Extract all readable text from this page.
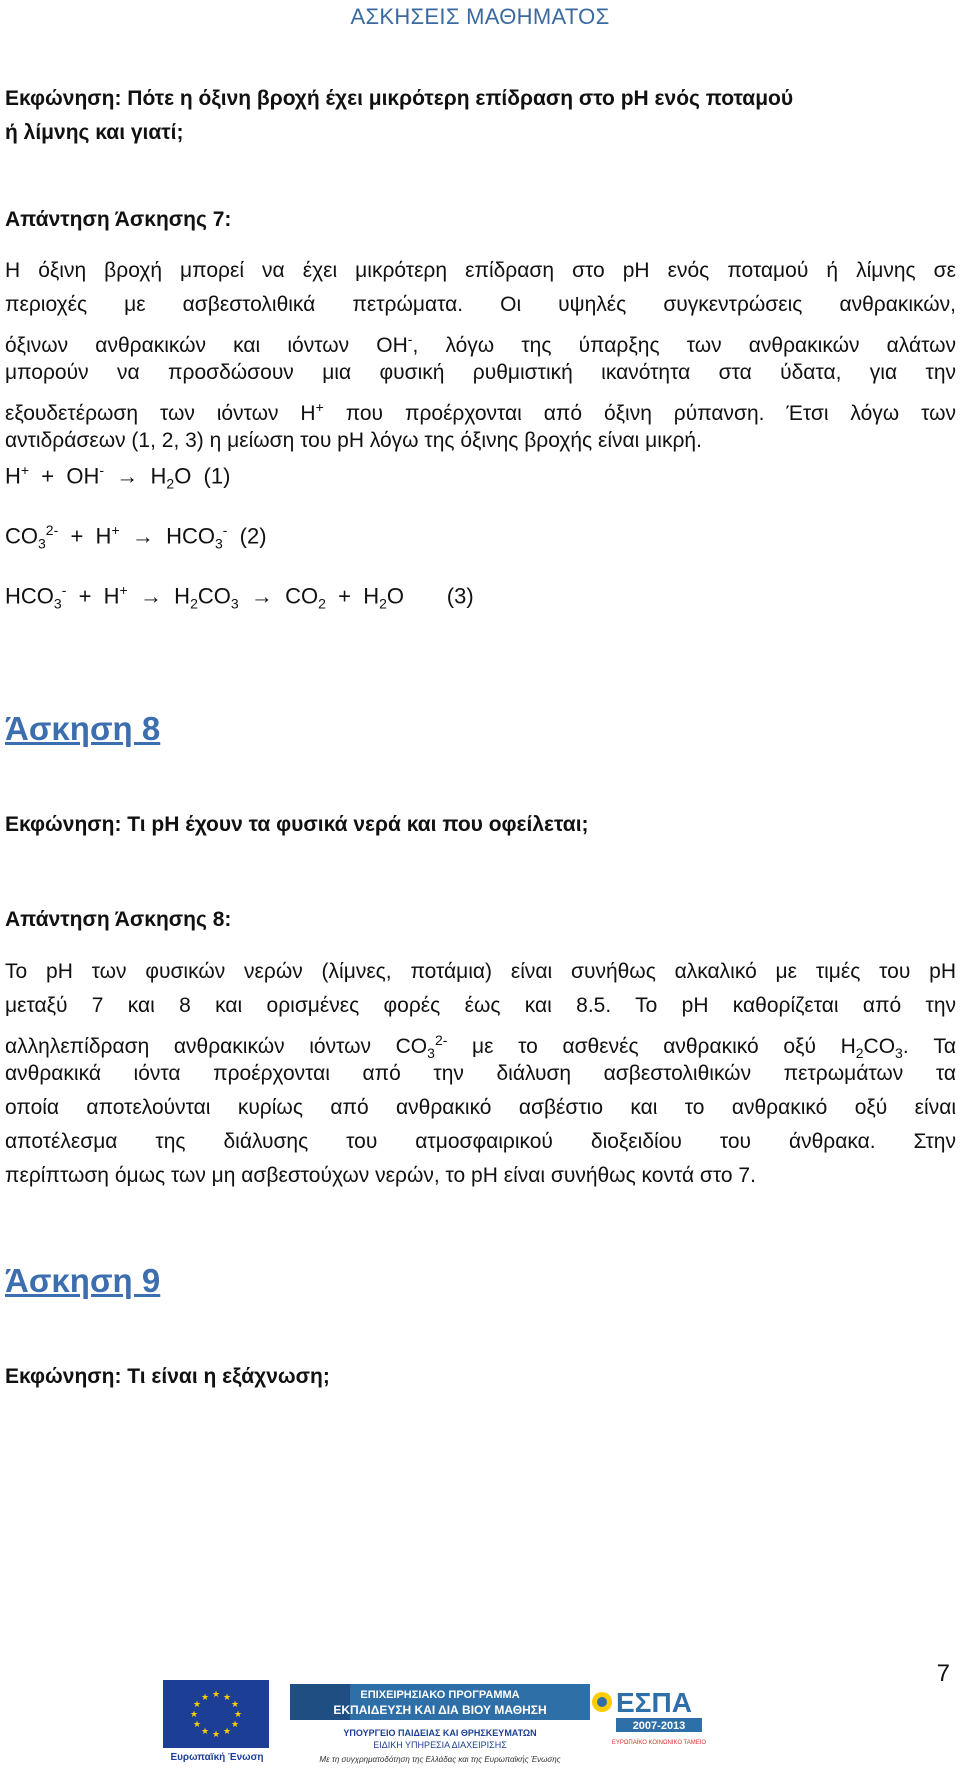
ΑΣΚΗΣΕΙΣ ΜΑΘΗΜΑΤΟΣ
Εκφώνηση: Πότε η όξινη βροχή έχει μικρότερη επίδραση στο pH ενός ποταμού
ή λίμνης και γιατί;
Απάντηση Άσκησης 7:
Η όξινη βροχή μπορεί να έχει μικρότερη επίδραση στο pH ενός ποταμού ή λίμνης σε
περιοχές με ασβεστολιθικά πετρώματα. Οι υψηλές συγκεντρώσεις ανθρακικών,
όξινων ανθρακικών και ιόντων OH-, λόγω της ύπαρξης των ανθρακικών αλάτων
μπορούν να προσδώσουν μια φυσική ρυθμιστική ικανότητα στα ύδατα, για την
εξουδετέρωση των ιόντων H+ που προέρχονται από όξινη ρύπανση. Έτσι λόγω των
αντιδράσεων (1, 2, 3) η μείωση του pH λόγω της όξινης βροχής είναι μικρή.
$H^+ + OH^- \to H_2O$  (1)
$CO_3^{2-} + H^+ \to HCO_3^-$  (2)
$HCO_3^- + H^+ \to H_2CO_3 \to CO_2 + H_2O$       (3)
Άσκηση 8
Εκφώνηση: Τι pH έχουν τα φυσικά νερά και που οφείλεται;
Απάντηση Άσκησης 8:
Το pH των φυσικών νερών (λίμνες, ποτάμια) είναι συνήθως αλκαλικό με τιμές του pH
μεταξύ 7 και 8 και ορισμένες φορές έως και 8.5. Το pH καθορίζεται από την
αλληλεπίδραση ανθρακικών ιόντων $CO_3^{2-}$ με το ασθενές ανθρακικό οξύ $H_2CO_3$. Τα
ανθρακικά ιόντα προέρχονται από την διάλυση ασβεστολιθικών πετρωμάτων τα
οποία αποτελούνται κυρίως από ανθρακικό ασβέστιο και το ανθρακικό οξύ είναι
αποτέλεσμα της διάλυσης του ατμοσφαιρικού διοξειδίου του άνθρακα. Στην
περίπτωση όμως των μη ασβεστούχων νερών, το pH είναι συνήθως κοντά στο 7.
Άσκηση 9
Εκφώνηση: Τι είναι η εξάχνωση;
7
★ ★
★
★
★
★
★
★
★
★
★
★
Ευρωπαϊκή Ένωση
ΕΠΙΧΕΙΡΗΣΙΑΚΟ ΠΡΟΓΡΑΜΜΑ
ΕΚΠΑΙΔΕΥΣΗ ΚΑΙ ΔΙΑ ΒΙΟΥ ΜΑΘΗΣΗ
ΥΠΟΥΡΓΕΙΟ ΠΑΙΔΕΙΑΣ ΚΑΙ ΘΡΗΣΚΕΥΜΑΤΩΝ
ΕΙΔΙΚΗ ΥΠΗΡΕΣΙΑ ΔΙΑΧΕΙΡΙΣΗΣ
Με τη συγχρηματοδότηση της Ελλάδας και της Ευρωπαϊκής Ένωσης
ΕΣΠΑ
2007-2013
ΕΥΡΩΠΑΪΚΟ ΚΟΙΝΩΝΙΚΟ ΤΑΜΕΙΟ
